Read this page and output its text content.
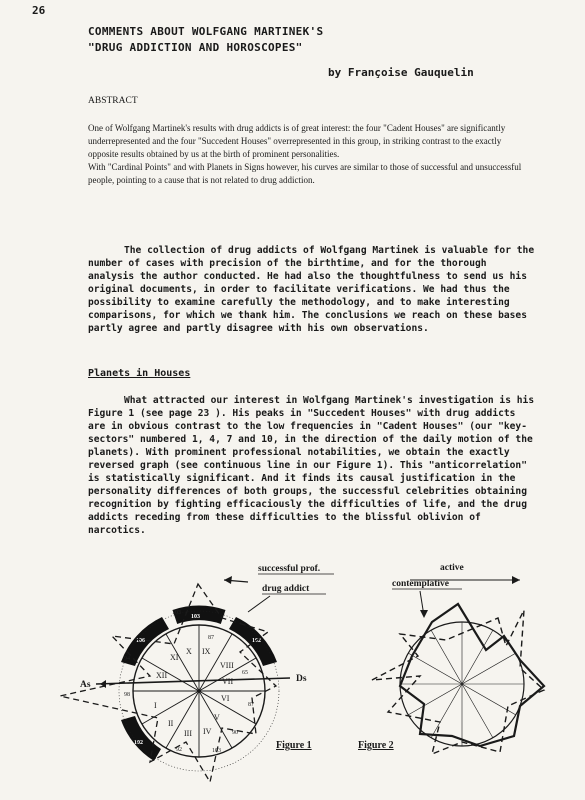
26
COMMENTS ABOUT WOLFGANG MARTINEK'S
"DRUG ADDICTION AND HOROSCOPES"
by Françoise Gauquelin
ABSTRACT

One of Wolfgang Martinek's results with drug addicts is of great interest: the four "Cadent Houses" are significantly underrepresented and the four "Succedent Houses" overrepresented in this group, in striking contrast to the exactly opposite results obtained by us at the birth of prominent personalities.

With "Cardinal Points" and with Planets in Signs however, his curves are similar to those of successful and unsuccessful people, pointing to a cause that is not related to drug addiction.

The collection of drug addicts of Wolfgang Martinek is valuable for the number of cases with precision of the birthtime, and for the thorough analysis the author conducted. He had also the thoughtfulness to send us his original documents, in order to facilitate verifications. We had thus the possibility to examine carefully the methodology, and to make interesting comparisons, for which we thank him. The conclusions we reach on these bases partly agree and partly disagree with his own observations.

Planets in Houses

What attracted our interest in Wolfgang Martinek's investigation is his Figure 1 (see page 23 ). His peaks in "Succedent Houses" with drug addicts are in obvious contrast to the low frequencies in "Cadent Houses" (our "key-sectors" numbered 1, 4, 7 and 10, in the direction of the daily motion of the planets). With prominent professional notabilities, we obtain the exactly reversed graph (see continuous line in our Figure 1). This "anticorrelation" is statistically significant. And it finds its causal justification in the personality differences of both groups, the successful celebrities obtaining recognition by fighting efficaciously the difficulties of life, and the drug addicts receding from these difficulties to the blissful oblivion of narcotics.

successful prof.
drug addict
103
102
106
102
As
Ds
I
II
III IV
V
VI
VII
VIII
IX
X
XI
XII
87
65
87
90
103
92
94
98
103
Figure 1
active
contemplative
Figure 2
